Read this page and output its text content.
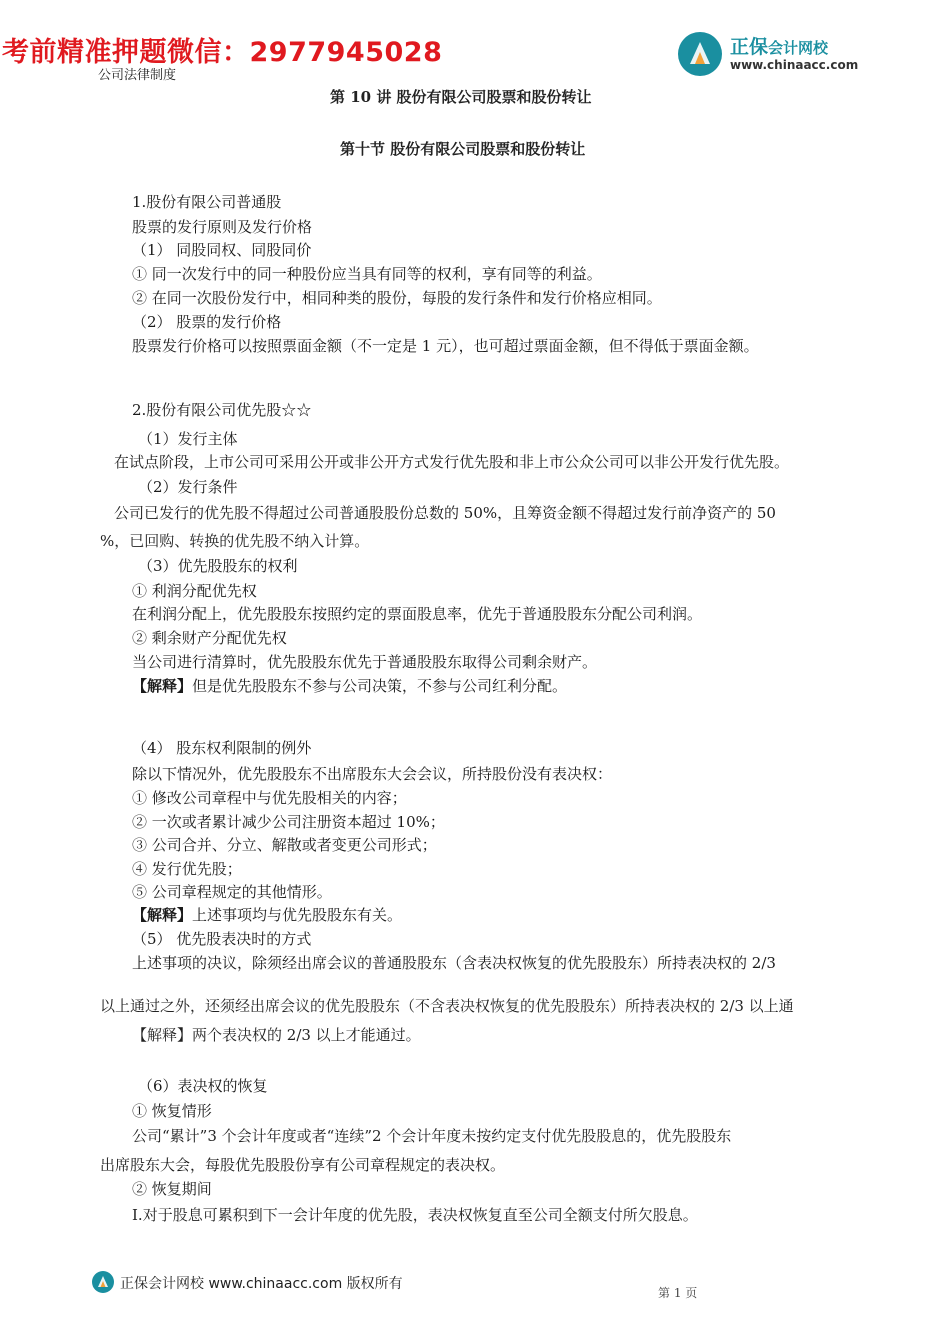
考前精准押题微信：2977945028	正保会计网校
www.chinaacc.com
公司法律制度
第 10 讲 股份有限公司股票和股份转让
第十节 股份有限公司股票和股份转让
1.股份有限公司普通股
股票的发行原则及发行价格
（1） 同股同权、同股同价
① 同一次发行中的同一种股份应当具有同等的权利，享有同等的利益。
② 在同一次股份发行中，相同种类的股份，每股的发行条件和发行价格应相同。
（2） 股票的发行价格
股票发行价格可以按照票面金额（不一定是 1 元），也可超过票面金额，但不得低于票面金额。
2.股份有限公司优先股☆☆
（1）发行主体
在试点阶段，上市公司可采用公开或非公开方式发行优先股和非上市公众公司可以非公开发行优先股。
（2）发行条件
公司已发行的优先股不得超过公司普通股股份总数的 50%，且筹资金额不得超过发行前净资产的 50
%，已回购、转换的优先股不纳入计算。
（3）优先股股东的权利
① 利润分配优先权
在利润分配上，优先股股东按照约定的票面股息率，优先于普通股股东分配公司利润。
② 剩余财产分配优先权
当公司进行清算时，优先股股东优先于普通股股东取得公司剩余财产。
【解释】但是优先股股东不参与公司决策，不参与公司红利分配。
（4） 股东权利限制的例外
除以下情况外，优先股股东不出席股东大会会议，所持股份没有表决权：
① 修改公司章程中与优先股相关的内容；
② 一次或者累计减少公司注册资本超过 10%；
③ 公司合并、分立、解散或者变更公司形式；
④ 发行优先股；
⑤ 公司章程规定的其他情形。
【解释】上述事项均与优先股股东有关。
（5） 优先股表决时的方式
上述事项的决议，除须经出席会议的普通股股东（含表决权恢复的优先股股东）所持表决权的 2/3
以上通过之外，还须经出席会议的优先股股东（不含表决权恢复的优先股股东）所持表决权的 2/3 以上通
【解释】两个表决权的 2/3 以上才能通过。
（6）表决权的恢复
① 恢复情形
公司“累计”3 个会计年度或者“连续”2 个会计年度未按约定支付优先股股息的，优先股股东
出席股东大会，每股优先股股份享有公司章程规定的表决权。
② 恢复期间
Ⅰ.对于股息可累积到下一会计年度的优先股，表决权恢复直至公司全额支付所欠股息。
正保会计网校 www.chinaacc.com 版权所有
第 1 页
